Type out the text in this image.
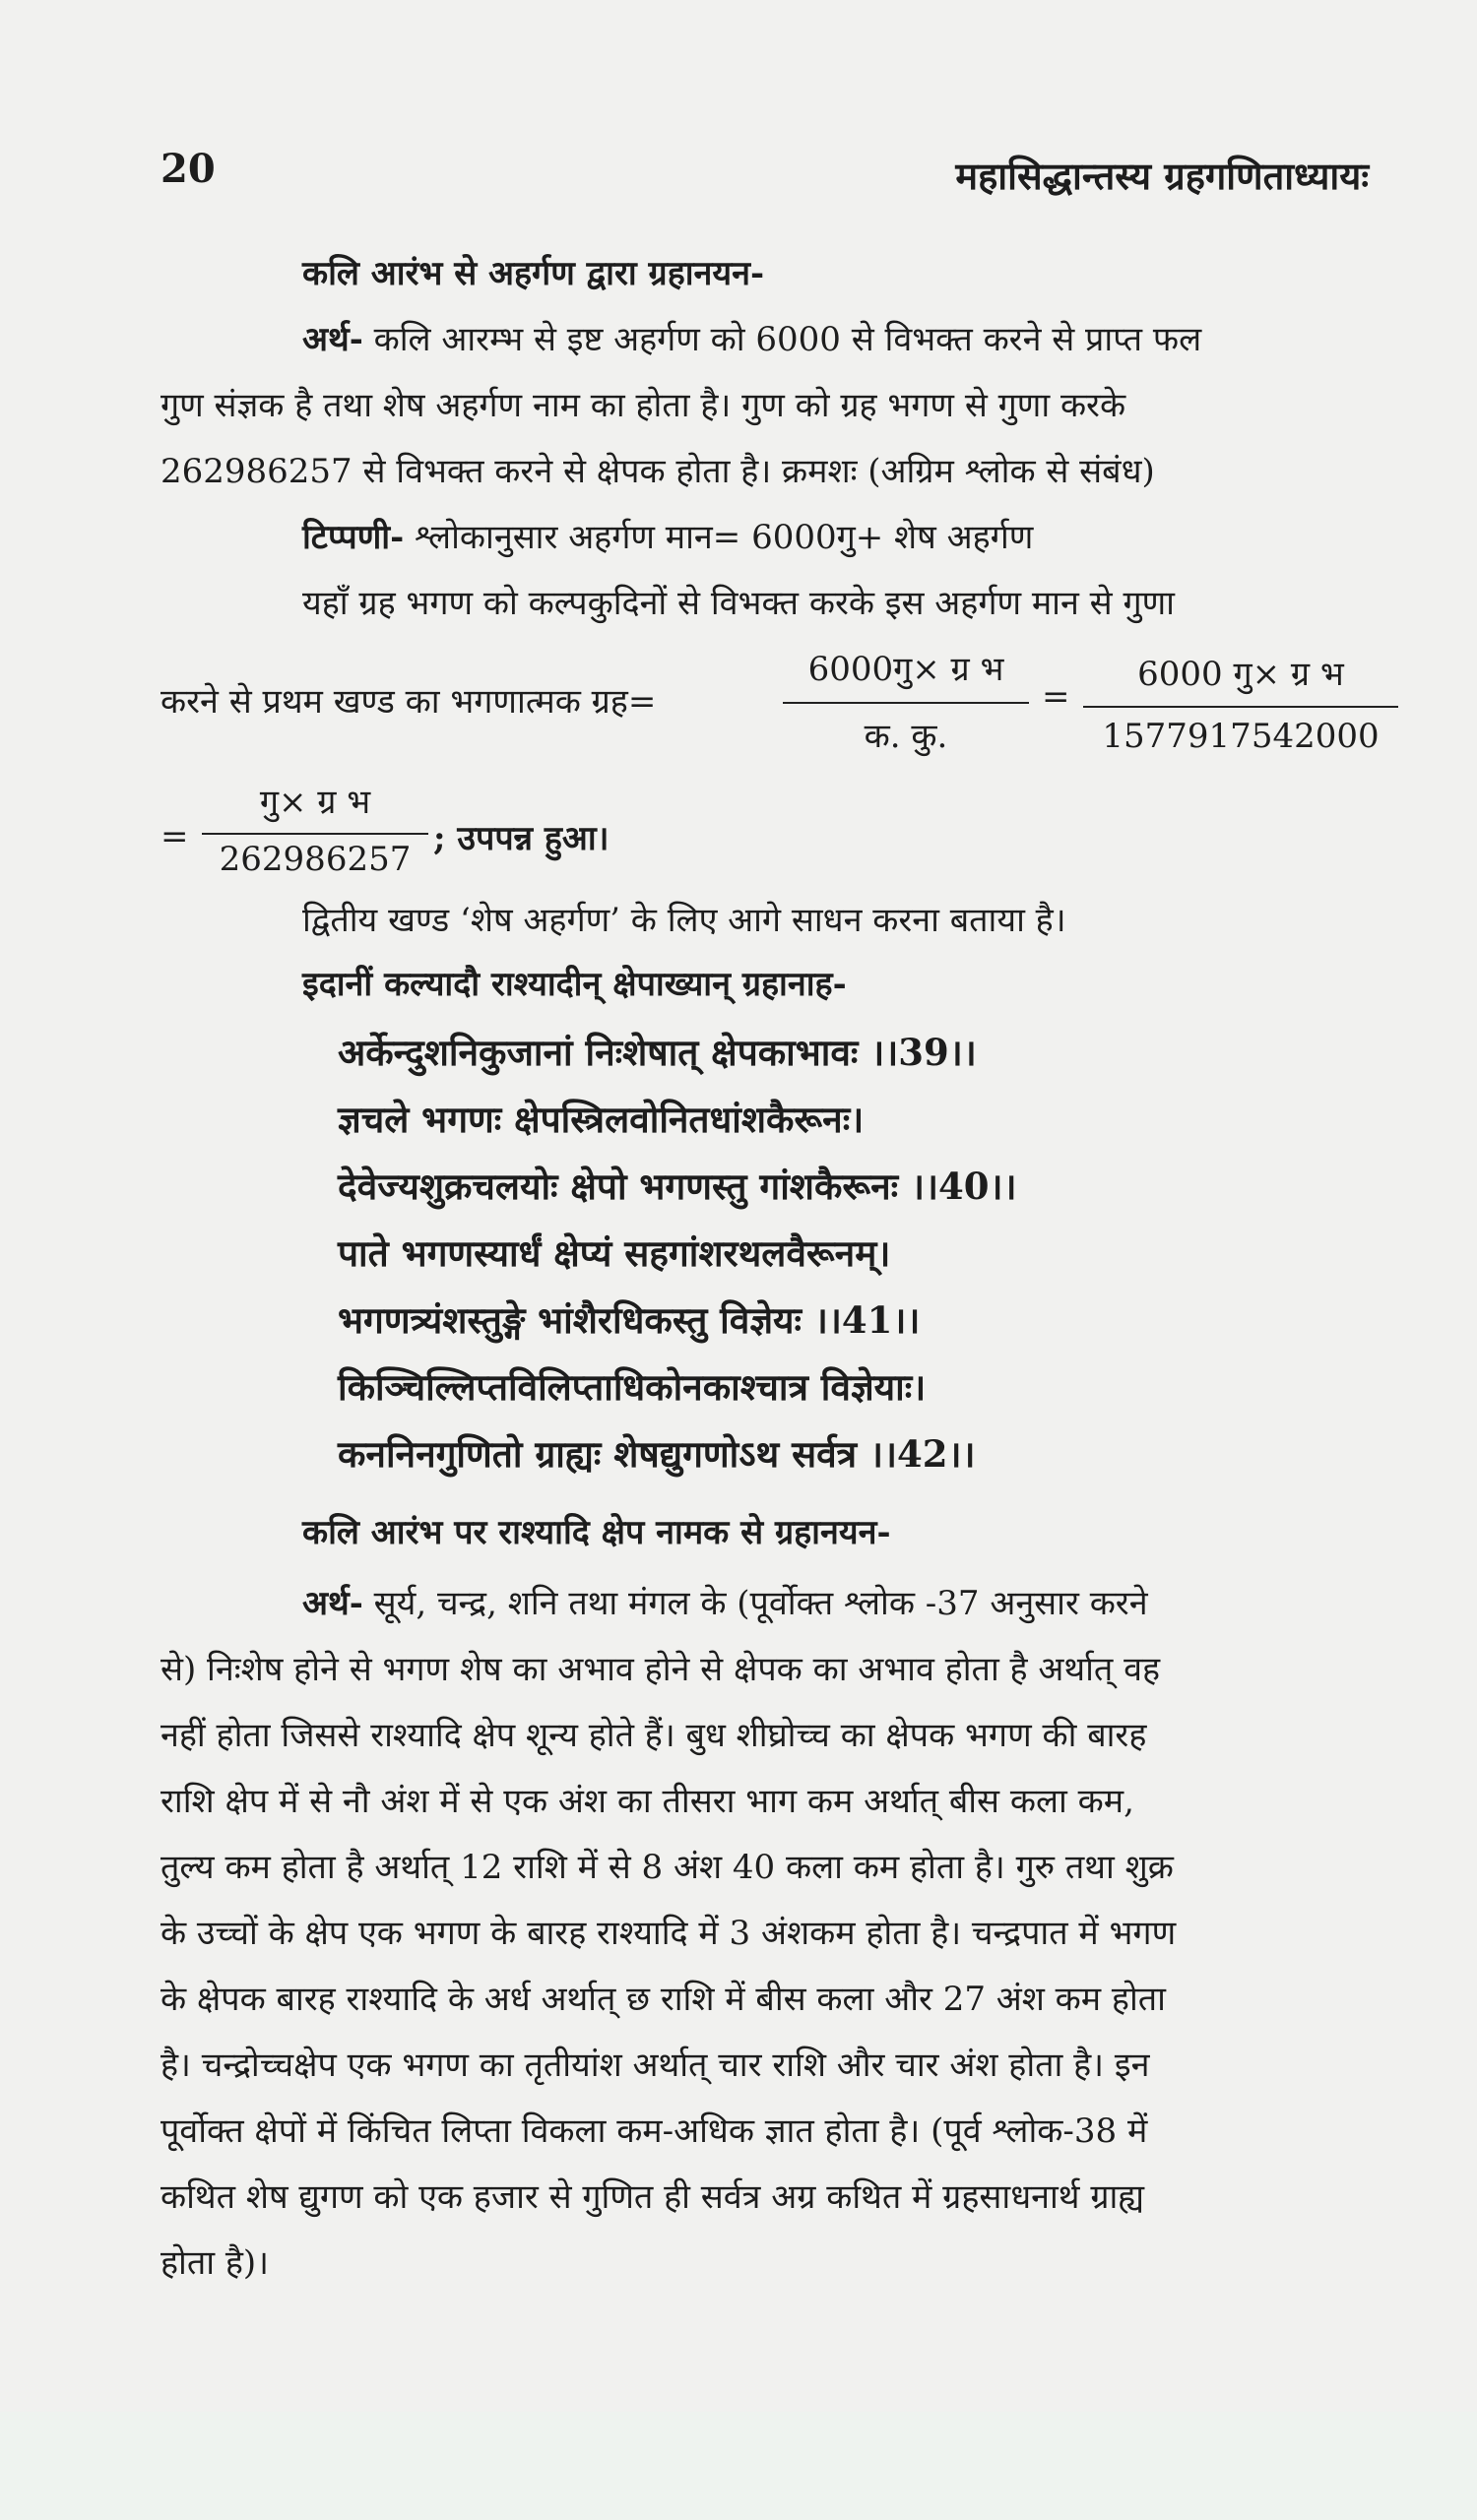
20	महासिद्धान्तस्य ग्रहगणिताध्यायः
कलि आरंभ से अहर्गण द्वारा ग्रहानयन-
अर्थ- कलि आरम्भ से इष्ट अहर्गण को 6000 से विभक्त करने से प्राप्त फल
गुण संज्ञक है तथा शेष अहर्गण नाम का होता है। गुण को ग्रह भगण से गुणा करके
262986257 से विभक्त करने से क्षेपक होता है। क्रमशः (अग्रिम श्लोक से संबंध)
टिप्पणी- श्लोकानुसार अहर्गण मान= 6000गु+ शेष अहर्गण
यहाँ ग्रह भगण को कल्पकुदिनों से विभक्त करके इस अहर्गण मान से गुणा
करने से प्रथम खण्ड का भगणात्मक ग्रह=
6000गु× ग्र भ
क. कु.
=
6000 गु× ग्र भ
1577917542000
=
गु× ग्र भ
262986257
; उपपन्न हुआ।
द्वितीय खण्ड ‘शेष अहर्गण’ के लिए आगे साधन करना बताया है।
इदानीं कल्यादौ राश्यादीन् क्षेपाख्यान् ग्रहानाह-
अर्केन्दुशनिकुजानां निःशेषात् क्षेपकाभावः ।।39।।
ज्ञचले भगणः क्षेपस्त्रिलवोनितधांशकैरूनः।
देवेज्यशुक्रचलयोः क्षेपो भगणस्तु गांशकैरूनः ।।40।।
पाते भगणस्यार्धं क्षेप्यं सहगांशरथलवैरूनम्।
भगणत्र्यंशस्तुङ्गे भांशैरधिकस्तु विज्ञेयः ।।41।।
किञ्चिल्लिप्तविलिप्ताधिकोनकाश्चात्र विज्ञेयाः।
कननिनगुणितो ग्राह्यः शेषद्युगणोऽथ सर्वत्र ।।42।।
कलि आरंभ पर राश्यादि क्षेप नामक से ग्रहानयन-
अर्थ- सूर्य, चन्द्र, शनि तथा मंगल के (पूर्वोक्त श्लोक -37 अनुसार करने
से) निःशेष होने से भगण शेष का अभाव होने से क्षेपक का अभाव होता है अर्थात् वह
नहीं होता जिससे राश्यादि क्षेप शून्य होते हैं। बुध शीघ्रोच्च का क्षेपक भगण की बारह
राशि क्षेप में से नौ अंश में से एक अंश का तीसरा भाग कम अर्थात् बीस कला कम,
तुल्य कम होता है अर्थात् 12 राशि में से 8 अंश 40 कला कम होता है। गुरु तथा शुक्र
के उच्चों के क्षेप एक भगण के बारह राश्यादि में 3 अंशकम होता है। चन्द्रपात में भगण
के क्षेपक बारह राश्यादि के अर्ध अर्थात् छ राशि में बीस कला और 27 अंश कम होता
है। चन्द्रोच्चक्षेप एक भगण का तृतीयांश अर्थात् चार राशि और चार अंश होता है। इन
पूर्वोक्त क्षेपों में किंचित लिप्ता विकला कम-अधिक ज्ञात होता है। (पूर्व श्लोक-38 में
कथित शेष द्युगण को एक हजार से गुणित ही सर्वत्र अग्र कथित में ग्रहसाधनार्थ ग्राह्य
होता है)।
